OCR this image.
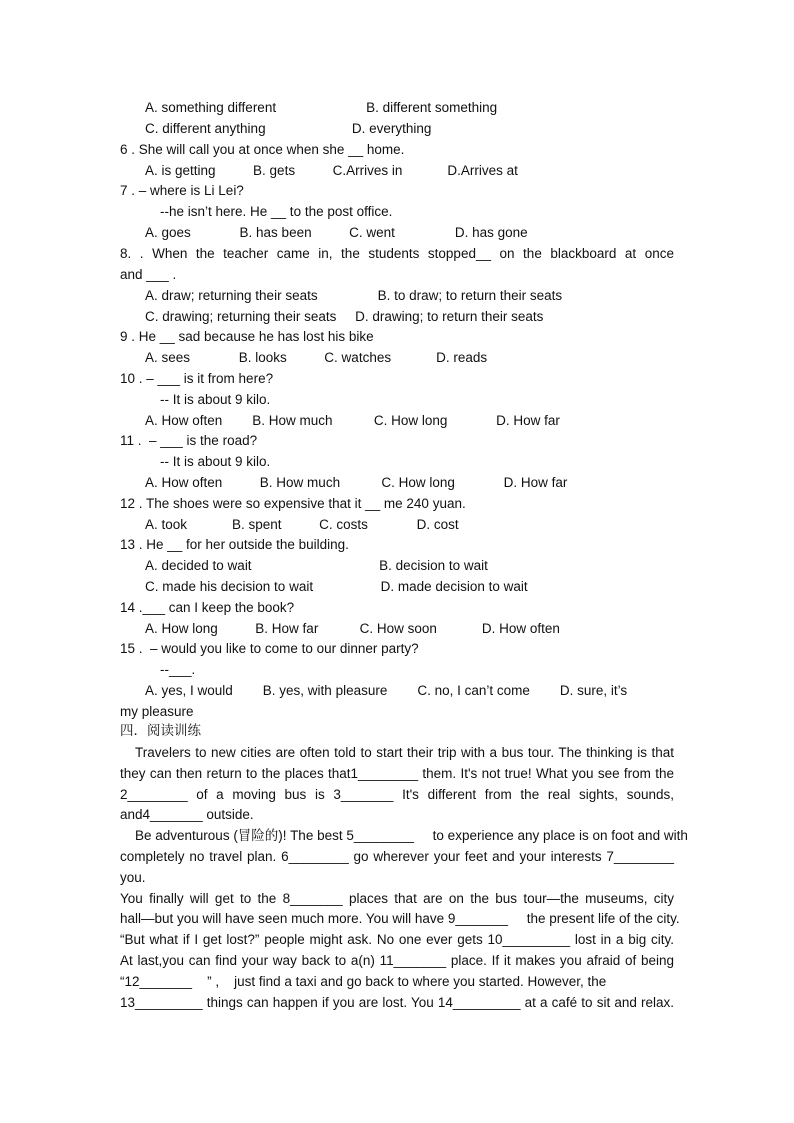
A. something different                        B. different something
C. different anything                       D. everything
6 . She will call you at once when she __ home.
A. is getting          B. gets          C.Arrives in            D.Arrives at
7 . – where is Li Lei?
--he isn’t here. He __ to the post office.
A. goes             B. has been          C. went                D. has gone
8. . When the teacher came in, the students stopped__ on the blackboard at once
and ___ .
A. draw; returning their seats                B. to draw; to return their seats
C. drawing; returning their seats     D. drawing; to return their seats
9 . He __ sad because he has lost his bike
A. sees             B. looks          C. watches            D. reads
10 . – ___ is it from here?
-- It is about 9 kilo.
A. How often        B. How much           C. How long             D. How far
11 .  – ___ is the road?
-- It is about 9 kilo.
A. How often          B. How much           C. How long             D. How far
12 . The shoes were so expensive that it __ me 240 yuan.
A. took            B. spent          C. costs             D. cost
13 . He __ for her outside the building.
A. decided to wait                                  B. decision to wait
C. made his decision to wait                  D. made decision to wait
14 .___ can I keep the book?
A. How long          B. How far           C. How soon            D. How often
15 .  – would you like to come to our dinner party?
--___.
A. yes, I would        B. yes, with pleasure        C. no, I can’t come        D. sure, it’s
my pleasure
四．阅读训练
Travelers to new cities are often told to start their trip with a bus tour. The thinking is that
they can then return to the places that1________ them. It's not true! What you see from the
2________ of a moving bus is 3_______ It's different from the real sights, sounds,
and4_______ outside.
Be adventurous (冒险的)! The best 5________     to experience any place is on foot and with
completely no travel plan. 6________ go wherever your feet and your interests 7________
you.
You finally will get to the 8_______ places that are on the bus tour—the museums, city
hall—but you will have seen much more. You will have 9_______     the present life of the city.
“But what if I get lost?” people might ask. No one ever gets 10_________ lost in a big city.
At last,you can find your way back to a(n) 11_______ place. If it makes you afraid of being
“12_______    ” ,    just find a taxi and go back to where you started. However, the
13_________ things can happen if you are lost. You 14_________ at a café to sit and relax.
